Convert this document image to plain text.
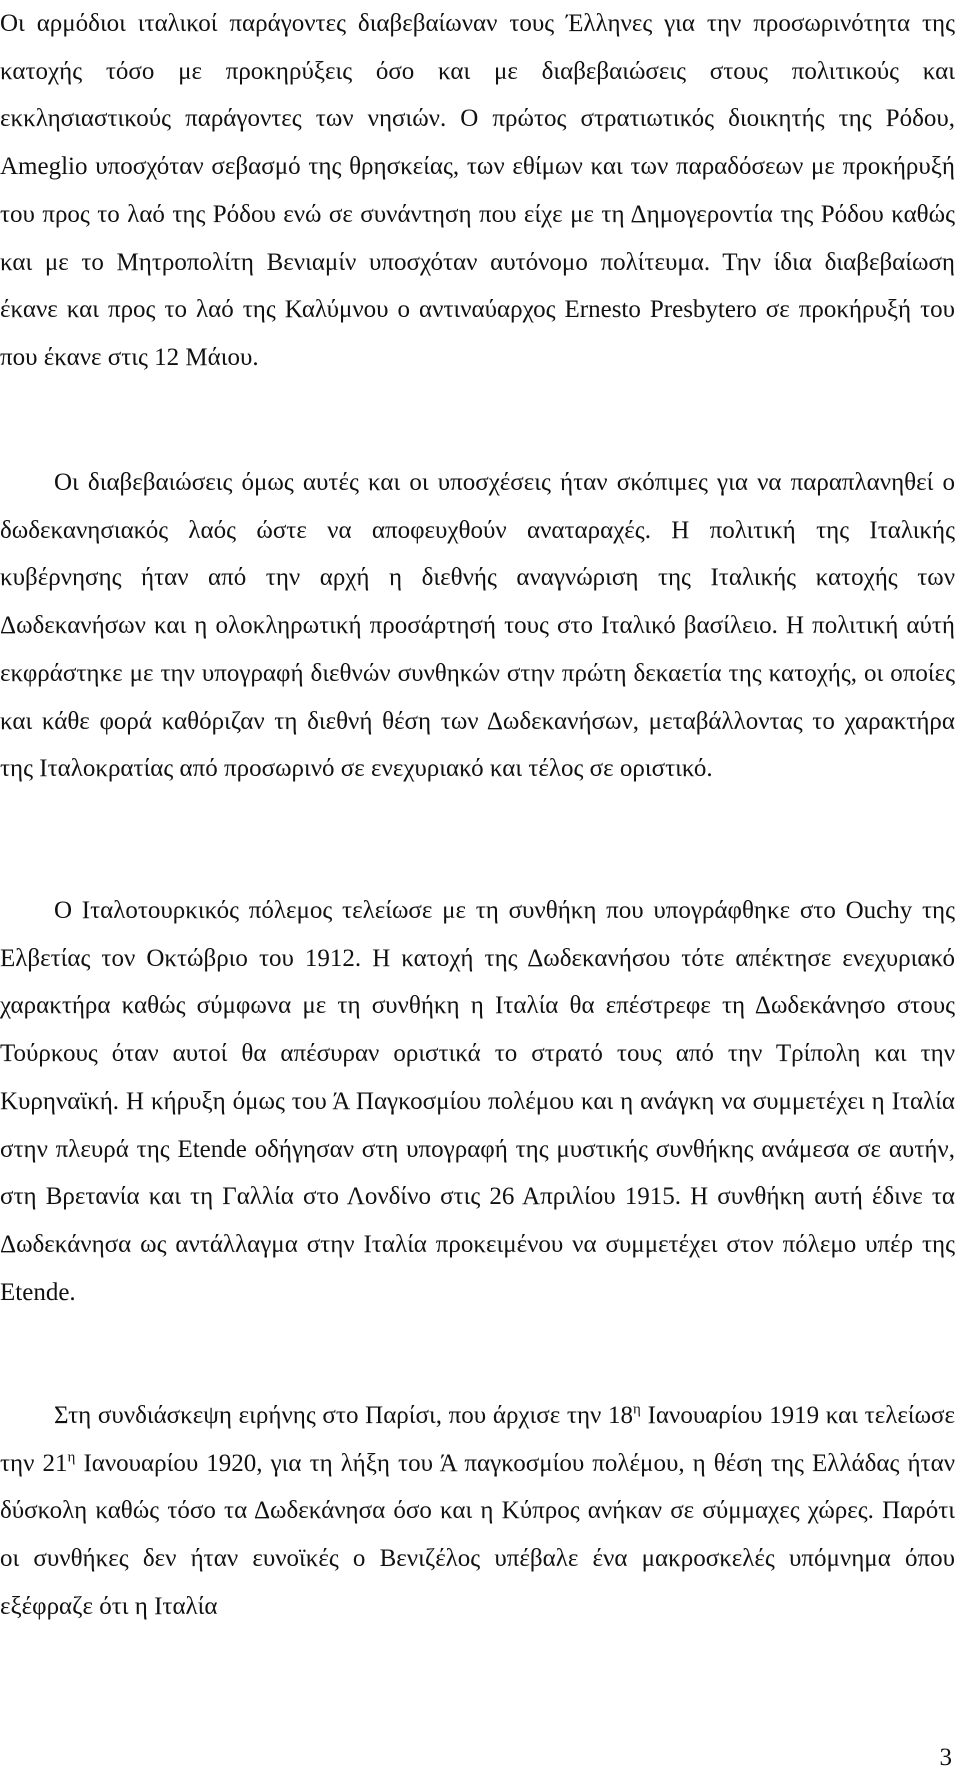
Οι αρμόδιοι ιταλικοί παράγοντες διαβεβαίωναν τους Έλληνες για την προσωρινότητα της κατοχής τόσο με προκηρύξεις όσο και με διαβεβαιώσεις στους πολιτικούς και εκκλησιαστικούς παράγοντες των νησιών. Ο πρώτος στρατιωτικός διοικητής της Ρόδου, Ameglio υποσχόταν σεβασμό της θρησκείας, των εθίμων και των παραδόσεων με προκήρυξή του προς το λαό της Ρόδου ενώ σε συνάντηση που είχε με τη Δημογεροντία της Ρόδου καθώς και με το Μητροπολίτη Βενιαμίν υποσχόταν αυτόνομο πολίτευμα. Την ίδια διαβεβαίωση έκανε και προς το λαό της Καλύμνου ο αντιναύαρχος Ernesto Presbytero σε προκήρυξή του που έκανε στις 12 Μάιου.

Οι διαβεβαιώσεις όμως αυτές και οι υποσχέσεις ήταν σκόπιμες για να παραπλανηθεί ο δωδεκανησιακός λαός ώστε να αποφευχθούν αναταραχές. Η πολιτική της Ιταλικής κυβέρνησης ήταν από την αρχή η διεθνής αναγνώριση της Ιταλικής κατοχής των Δωδεκανήσων και η ολοκληρωτική προσάρτησή τους στο Ιταλικό βασίλειο. Η πολιτική αύτή εκφράστηκε με την υπογραφή διεθνών συνθηκών στην πρώτη δεκαετία της κατοχής, οι οποίες και κάθε φορά καθόριζαν τη διεθνή θέση των Δωδεκανήσων, μεταβάλλοντας το χαρακτήρα της Ιταλοκρατίας από προσωρινό σε ενεχυριακό και τέλος σε οριστικό.

Ο Ιταλοτουρκικός πόλεμος τελείωσε με τη συνθήκη που υπογράφθηκε στο Ouchy της Ελβετίας τον Οκτώβριο του 1912. Η κατοχή της Δωδεκανήσου τότε απέκτησε ενεχυριακό χαρακτήρα καθώς σύμφωνα με τη συνθήκη η Ιταλία θα επέστρεφε τη Δωδεκάνησο στους Τούρκους όταν αυτοί θα απέσυραν οριστικά το στρατό τους από την Τρίπολη και την Κυρηναϊκή. Η κήρυξη όμως του Ά Παγκοσμίου πολέμου και η ανάγκη να συμμετέχει η Ιταλία στην πλευρά της Etende οδήγησαν στη υπογραφή της μυστικής συνθήκης ανάμεσα σε αυτήν, στη Βρετανία και τη Γαλλία στο Λονδίνο στις 26 Απριλίου 1915. Η συνθήκη αυτή έδινε τα Δωδεκάνησα ως αντάλλαγμα στην Ιταλία προκειμένου να συμμετέχει στον πόλεμο υπέρ της Etende.

Στη συνδιάσκεψη ειρήνης στο Παρίσι, που άρχισε την $18^\eta$ Ιανουαρίου 1919 και τελείωσε την $21^\eta$ Ιανουαρίου 1920, για τη λήξη του Ά παγκοσμίου πολέμου, η θέση της Ελλάδας ήταν δύσκολη καθώς τόσο τα Δωδεκάνησα όσο και η Κύπρος ανήκαν σε σύμμαχες χώρες. Παρότι οι συνθήκες δεν ήταν ευνοϊκές ο Βενιζέλος υπέβαλε ένα μακροσκελές υπόμνημα όπου εξέφραζε ότι η Ιταλία

3
